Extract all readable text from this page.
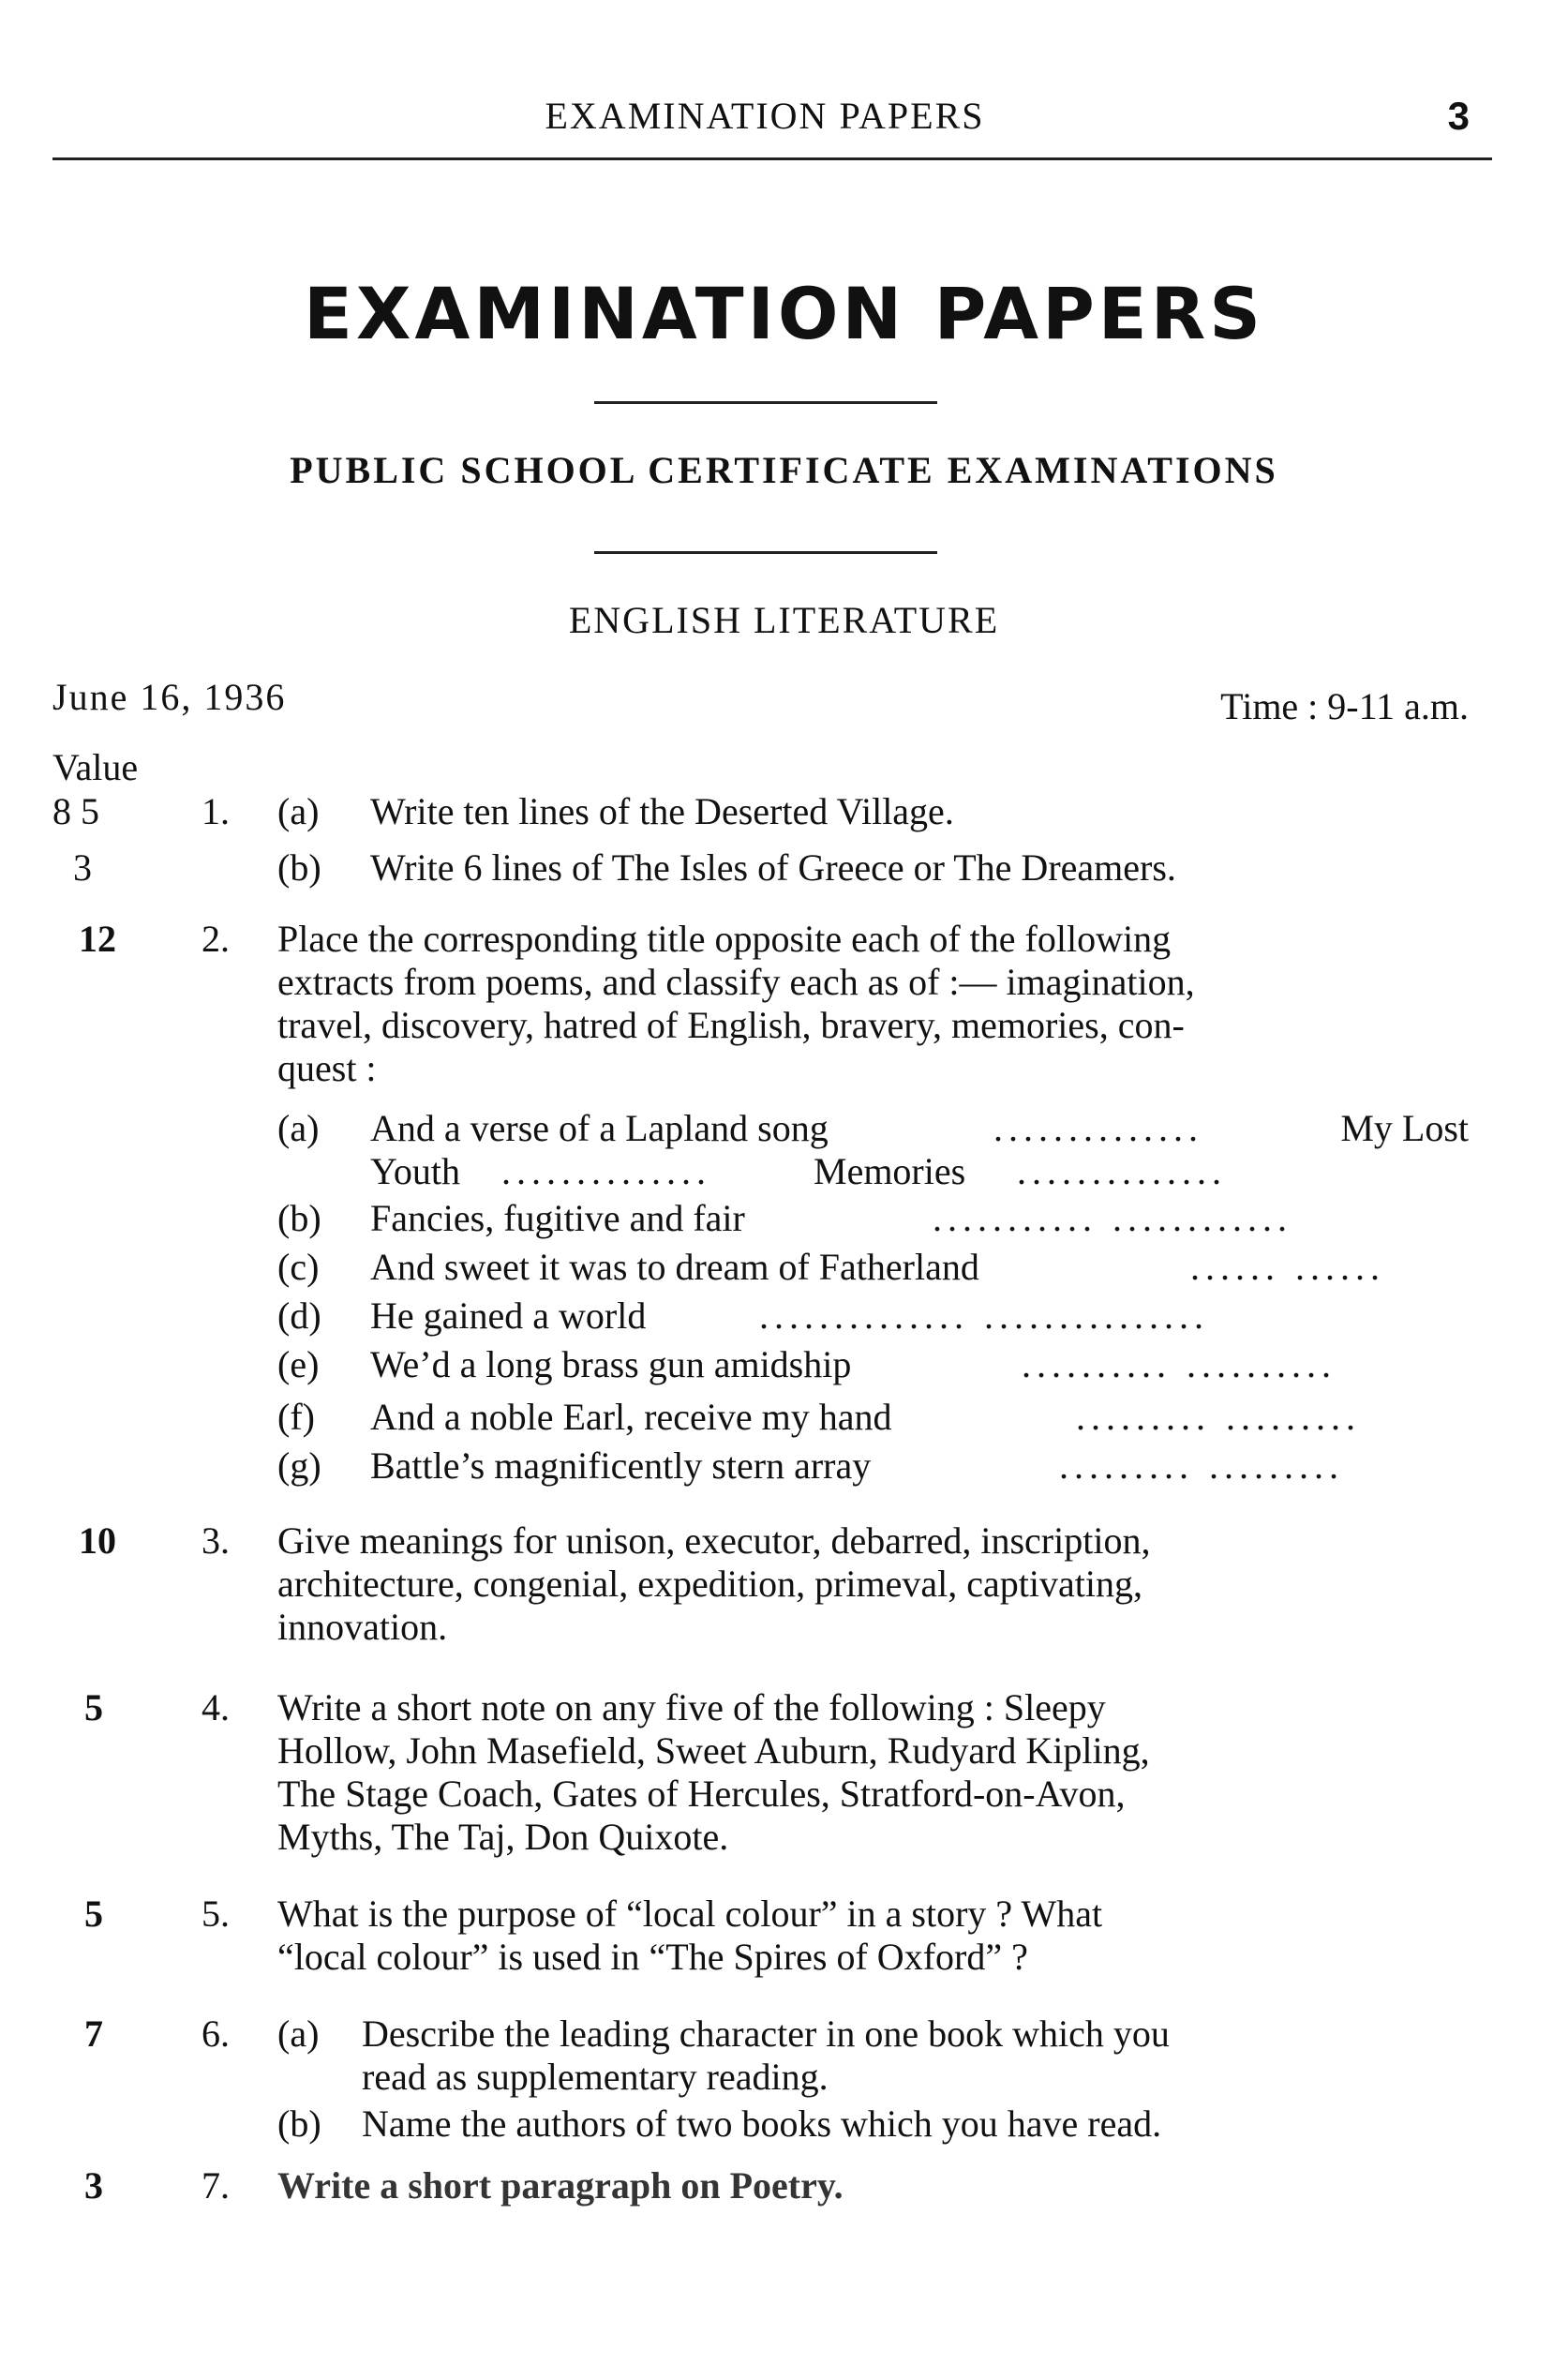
EXAMINATION PAPERS	3
EXAMINATION PAPERS
PUBLIC SCHOOL CERTIFICATE EXAMINATIONS
ENGLISH LITERATURE
June 16, 1936	Time : 9-11 a.m.
Value
8 5	1. (a) Write ten lines of the Deserted Village.
3	(b) Write 6 lines of The Isles of Greece or The Dreamers.
12	2. Place the corresponding title opposite each of the following
extracts from poems, and classify each as of :— imagination,
travel, discovery, hatred of English, bravery, memories, con-
quest :
(a) And a verse of a Lapland song	..............	My Lost
Youth ..............	Memories ..............
(b) Fancies, fugitive and fair	........... ............
(c) And sweet it was to dream of Fatherland	...... ......
(d) He gained a world	.............. ...............
(e) We’d a long brass gun amidship	.......... ..........
(f) And a noble Earl, receive my hand	......... .........
(g) Battle’s magnificently stern array	......... .........
10	3. Give meanings for unison, executor, debarred, inscription,
architecture, congenial, expedition, primeval, captivating,
innovation.
5	4. Write a short note on any five of the following : Sleepy
Hollow, John Masefield, Sweet Auburn, Rudyard Kipling,
The Stage Coach, Gates of Hercules, Stratford-on-Avon,
Myths, The Taj, Don Quixote.
5	5. What is the purpose of “local colour” in a story ? What
“local colour” is used in “The Spires of Oxford” ?
7	6. (a) Describe the leading character in one book which you
read as supplementary reading.
(b) Name the authors of two books which you have read.
3	7. Write a short paragraph on Poetry.
